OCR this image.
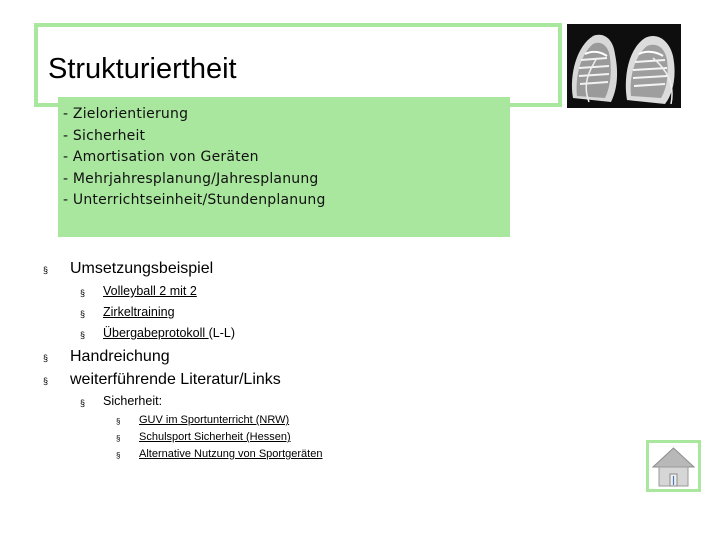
Strukturiertheit
- Zielorientierung
- Sicherheit
- Amortisation von Geräten
- Mehrjahresplanung/Jahresplanung
- Unterrichtseinheit/Stundenplanung
§ Umsetzungsbeispiel
§ Volleyball 2 mit 2
§ Zirkeltraining
§ Übergabeprotokoll (L-L)
§ Handreichung
§ weiterführende Literatur/Links
§ Sicherheit:
§ GUV im Sportunterricht (NRW)
§ Schulsport Sicherheit (Hessen)
§ Alternative Nutzung von Sportgeräten
